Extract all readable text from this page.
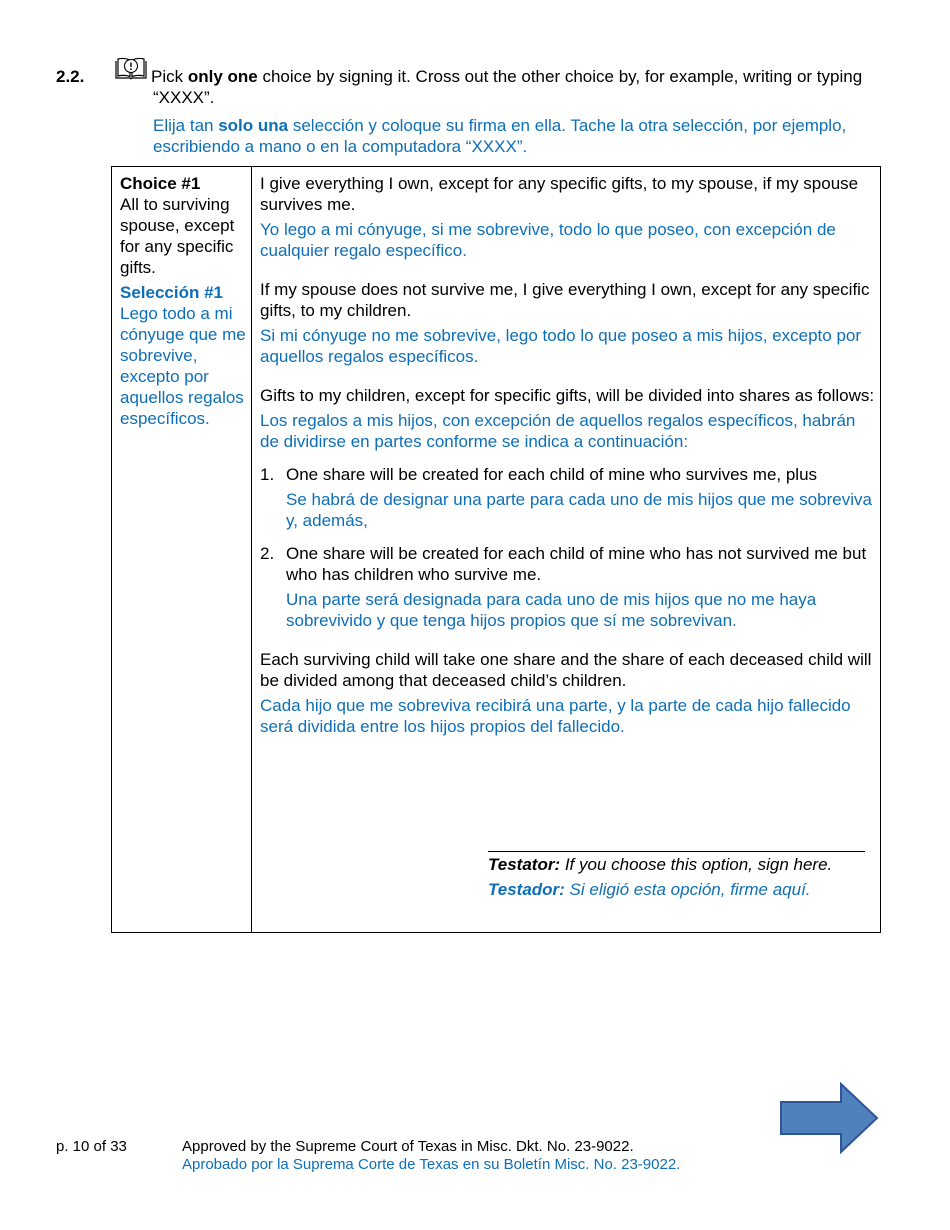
2.2.	Pick only one choice by signing it. Cross out the other choice by, for example, writing or typing “XXXX”.
Elija tan solo una selección y coloque su firma en ella. Tache la otra selección, por ejemplo, escribiendo a mano o en la computadora “XXXX”.
Choice #1
All to surviving spouse, except for any specific gifts.
Selección #1
Lego todo a mi cónyuge que me sobrevive, excepto por aquellos regalos específicos.
I give everything I own, except for any specific gifts, to my spouse, if my spouse survives me.
Yo lego a mi cónyuge, si me sobrevive, todo lo que poseo, con excepción de cualquier regalo específico.
If my spouse does not survive me, I give everything I own, except for any specific gifts, to my children.
Si mi cónyuge no me sobrevive, lego todo lo que poseo a mis hijos, excepto por aquellos regalos específicos.
Gifts to my children, except for specific gifts, will be divided into shares as follows:
Los regalos a mis hijos, con excepción de aquellos regalos específicos, habrán de dividirse en partes conforme se indica a continuación:
1. One share will be created for each child of mine who survives me, plus
Se habrá de designar una parte para cada uno de mis hijos que me sobreviva y, además,
2. One share will be created for each child of mine who has not survived me but who has children who survive me.
Una parte será designada para cada uno de mis hijos que no me haya sobrevivido y que tenga hijos propios que sí me sobrevivan.
Each surviving child will take one share and the share of each deceased child will be divided among that deceased child’s children.
Cada hijo que me sobreviva recibirá una parte, y la parte de cada hijo fallecido será dividida entre los hijos propios del fallecido.
Testator: If you choose this option, sign here.
Testador: Si eligió esta opción, firme aquí.
p. 10 of 33	Approved by the Supreme Court of Texas in Misc. Dkt. No. 23-9022.
Aprobado por la Suprema Corte de Texas en su Boletín Misc. No. 23-9022.
